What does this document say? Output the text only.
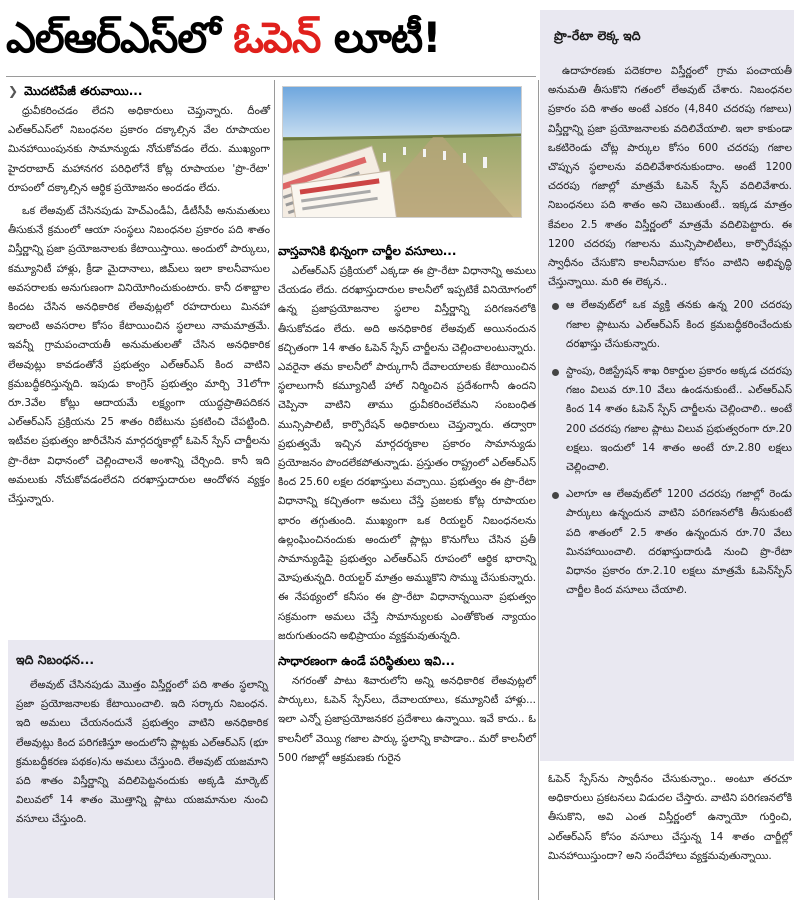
ఎల్‌ఆర్‌ఎస్‌లో ఓపెన్ లూటీ!
❯ మొదటిపేజీ తరువాయి...

ధ్రువీకరించడం లేదని అధికారులు చెప్తున్నారు. దీంతో ఎల్‌ఆర్‌ఎస్‌లో నిబంధనల ప్రకారం దక్కాల్సిన వేల రూపాయల మినహాయింపునకు సామాన్యుడు నోచుకోవడం లేదు. ముఖ్యంగా హైదరాబాద్ మహానగర పరిధిలోనే కోట్ల రూపాయల 'ప్రొ-రేటా' రూపంలో దక్కాల్సిన ఆర్థిక ప్రయోజనం అందడం లేదు.

ఒక లేఅవుట్ చేసినపుడు హెచ్‌ఎండీఏ, డీటీసీపీ అనుమతులు తీసుకునే క్రమంలో ఆయా సంస్థలు నిబంధనల ప్రకారం పది శాతం విస్తీర్ణాన్ని ప్రజా ప్రయోజనాలకు కేటాయిస్తాయి. అందులో పార్కులు, కమ్యూనిటీ హాళ్లు, క్రీడా మైదానాలు, జిమ్‌లు ఇలా కాలనీవాసుల అవసరాలకు అనుగుణంగా వినియోగించుకుంటారు. కానీ దశాబ్దాల కిందట చేసిన అనధికారిక లేఅవుట్లలో రహదారులు మినహా ఇలాంటి అవసరాల కోసం కేటాయించిన స్థలాలు నామమాత్రమే. ఇవన్నీ గ్రామపంచాయతీ అనుమతులతో చేసిన అనధికారిక లేఅవుట్లు కావడంతోనే ప్రభుత్వం ఎల్‌ఆర్‌ఎస్ కింద వాటిని క్రమబద్ధీకరిస్తున్నది. ఇపుడు కాంగ్రెస్ ప్రభుత్వం మార్చి 31లోగా రూ.3వేల కోట్లు ఆదాయమే లక్ష్యంగా యుద్ధప్రాతిపదికన ఎల్‌ఆర్‌ఎస్ ప్రక్రియను 25 శాతం రిబేటును ప్రకటించి చేపట్టింది. ఇటీవల ప్రభుత్వం జారీచేసిన మార్గదర్శకాల్లో ఓపెన్ స్పేస్ చార్జీలను ప్రొ-రేటా విధానంలో చెల్లించాలనే అంశాన్ని చేర్చింది. కానీ ఇది అమలుకు నోచుకోవడంలేదని దరఖాస్తుదారుల ఆందోళన వ్యక్తం చేస్తున్నారు.

ఇది నిబంధన...

లేఅవుట్ చేసినపుడు మొత్తం విస్తీర్ణంలో పది శాతం స్థలాన్ని ప్రజా ప్రయోజనాలకు కేటాయించాలి. ఇది సర్కారు నిబంధన. ఇది అమలు చేయనందునే ప్రభుత్వం వాటిని అనధికారిక లేఅవుట్లు కింద పరిగణిస్తూ అందులోని ప్లాట్లకు ఎల్‌ఆర్‌ఎస్ (భూ క్రమబద్ధీకరణ పథకం)ను అమలు చేస్తుంది. లేఅవుట్ యజమాని పది శాతం విస్తీర్ణాన్ని వదిలిపెట్టనందుకు అక్కడి మార్కెట్ విలువలో 14 శాతం మొత్తాన్ని ప్లాటు యజమానుల నుంచి వసూలు చేస్తుంది.

వాస్తవానికి భిన్నంగా చార్జీల వసూలు...

ఎల్‌ఆర్‌ఎస్ ప్రక్రియలో ఎక్కడా ఈ ప్రొ-రేటా విధానాన్ని అమలు చేయడం లేదు. దరఖాస్తుదారుల కాలనీలో ఇప్పటికే వినియోగంలో ఉన్న ప్రజాప్రయోజనాల స్థలాల విస్తీర్ణాన్ని పరిగణనలోకి తీసుకోవడం లేదు. అది అనధికారిక లేఅవుట్ అయినందున కచ్చితంగా 14 శాతం ఓపెన్ స్పేస్ చార్జీలను చెల్లించాలంటున్నారు. ఎవరైనా తమ కాలనీలో పార్కుగానీ దేవాలయాలకు కేటాయించిన స్థలాలుగానీ కమ్యూనిటీ హాల్ నిర్మించిన ప్రదేశంగానీ ఉందని చెప్పినా వాటిని తాము ధ్రువీకరించలేమని సంబంధిత మున్సిపాలిటీ, కార్పొరేషన్ అధికారులు చెప్తున్నారు. తద్వారా ప్రభుత్వమే ఇచ్చిన మార్గదర్శకాల ప్రకారం సామాన్యుడు ప్రయోజనం పొందలేకపోతున్నాడు. ప్రస్తుతం రాష్ట్రంలో ఎల్‌ఆర్‌ఎస్ కింద 25.60 లక్షల దరఖాస్తులు వచ్చాయి. ప్రభుత్వం ఈ ప్రొ-రేటా విధానాన్ని కచ్చితంగా అమలు చేస్తే ప్రజలకు కోట్ల రూపాయల భారం తగ్గుతుంది. ముఖ్యంగా ఒక రియల్టర్ నిబంధనలను ఉల్లంఘించినందుకు అందులో ప్లాట్లు కొనుగోలు చేసిన ప్రతీ సామాన్యుడిపై ప్రభుత్వం ఎల్‌ఆర్‌ఎస్ రూపంలో ఆర్థిక భారాన్ని మోపుతున్నది. రియల్టర్ మాత్రం అమ్ముకొని సొమ్ము చేసుకున్నారు. ఈ నేపథ్యంలో కనీసం ఈ ప్రొ-రేటా విధానాన్నయినా ప్రభుత్వం సక్రమంగా అమలు చేస్తే సామాన్యులకు ఎంతోకొంత న్యాయం జరుగుతుందని అభిప్రాయం వ్యక్తమవుతున్నది.

సాధారణంగా ఉండే పరిస్థితులు ఇవి...

నగరంతో పాటు శివారులోని అన్ని అనధికారిక లేఅవుట్లలో పార్కులు, ఓపెన్ స్పేస్‌లు, దేవాలయాలు, కమ్యూనిటీ హాళ్లు... ఇలా ఎన్నో ప్రజాప్రయోజనకర ప్రదేశాలు ఉన్నాయి. ఇవే కాదు.. ఓ కాలనీలో వెయ్యి గజాల పార్కు స్థలాన్ని కాపాడాం.. మరో కాలనీలో 500 గజాల్లో ఆక్రమణకు గురైన

ప్రొ-రేటా లెక్క ఇది

ఉదాహరణకు పదెకరాల విస్తీర్ణంలో గ్రామ పంచాయతీ అనుమతి తీసుకొని గతంలో లేఅవుట్ చేశారు. నిబంధనల ప్రకారం పది శాతం అంటే ఎకరం (4,840 చదరపు గజాలు) విస్తీర్ణాన్ని ప్రజా ప్రయోజనాలకు వదిలివేయాలి. ఇలా కాకుండా ఒకటిరెండు చోట్ల పార్కుల కోసం 600 చదరపు గజాల చొప్పున స్థలాలను వదిలివేశారనుకుందాం. అంటే 1200 చదరపు గజాల్లో మాత్రమే ఓపెన్ స్పేస్ వదిలివేశారు. నిబంధనలు పది శాతం అని చెబుతుంటే.. ఇక్కడ మాత్రం కేవలం 2.5 శాతం విస్తీర్ణంలో మాత్రమే వదిలిపెట్టారు. ఈ 1200 చదరపు గజాలను మున్సిపాలిటీలు, కార్పొరేషన్లు స్వాధీనం చేసుకొని కాలనీవాసుల కోసం వాటిని అభివృద్ధి చేస్తున్నాయి. మరి ఈ లెక్కన..

ఆ లేఅవుట్‌లో ఒక వ్యక్తి తనకు ఉన్న 200 చదరపు గజాల ప్లాటును ఎల్‌ఆర్‌ఎస్ కింద క్రమబద్ధీకరించేందుకు దరఖాస్తు చేసుకున్నారు.
స్టాంపు, రిజిస్ట్రేషన్ శాఖ రికార్డుల ప్రకారం అక్కడ చదరపు గజం విలువ రూ.10 వేలు ఉండనుకుంటే.. ఎల్‌ఆర్‌ఎస్ కింద 14 శాతం ఓపెన్ స్పేస్ చార్జీలను చెల్లించాలి.. అంటే 200 చదరపు గజాల ప్లాటు విలువ ప్రభుత్వరంగా రూ.20 లక్షలు. ఇందులో 14 శాతం అంటే రూ.2.80 లక్షలు చెల్లించాలి.
ఎలాగూ ఆ లేఅవుట్‌లో 1200 చదరపు గజాల్లో రెండు పార్కులు ఉన్నందున వాటిని పరిగణనలోకి తీసుకుంటే పది శాతంలో 2.5 శాతం ఉన్నందున రూ.70 వేలు మినహాయించాలి. దరఖాస్తుదారుడి నుంచి ప్రొ-రేటా విధానం ప్రకారం రూ.2.10 లక్షలు మాత్రమే ఓపెన్‌స్పేస్ చార్జీల కింద వసూలు చేయాలి.

ఓపెన్ స్పేస్‌ను స్వాధీనం చేసుకున్నాం.. అంటూ తరచూ అధికారులు ప్రకటనలు విడుదల చేస్తారు. వాటిని పరిగణనలోకి తీసుకొని, అవి ఎంత విస్తీర్ణంలో ఉన్నాయో గుర్తించి, ఎల్‌ఆర్‌ఎస్ కోసం వసూలు చేస్తున్న 14 శాతం చార్జీల్లో మినహాయిస్తుందా? అని సందేహాలు వ్యక్తమవుతున్నాయి.
